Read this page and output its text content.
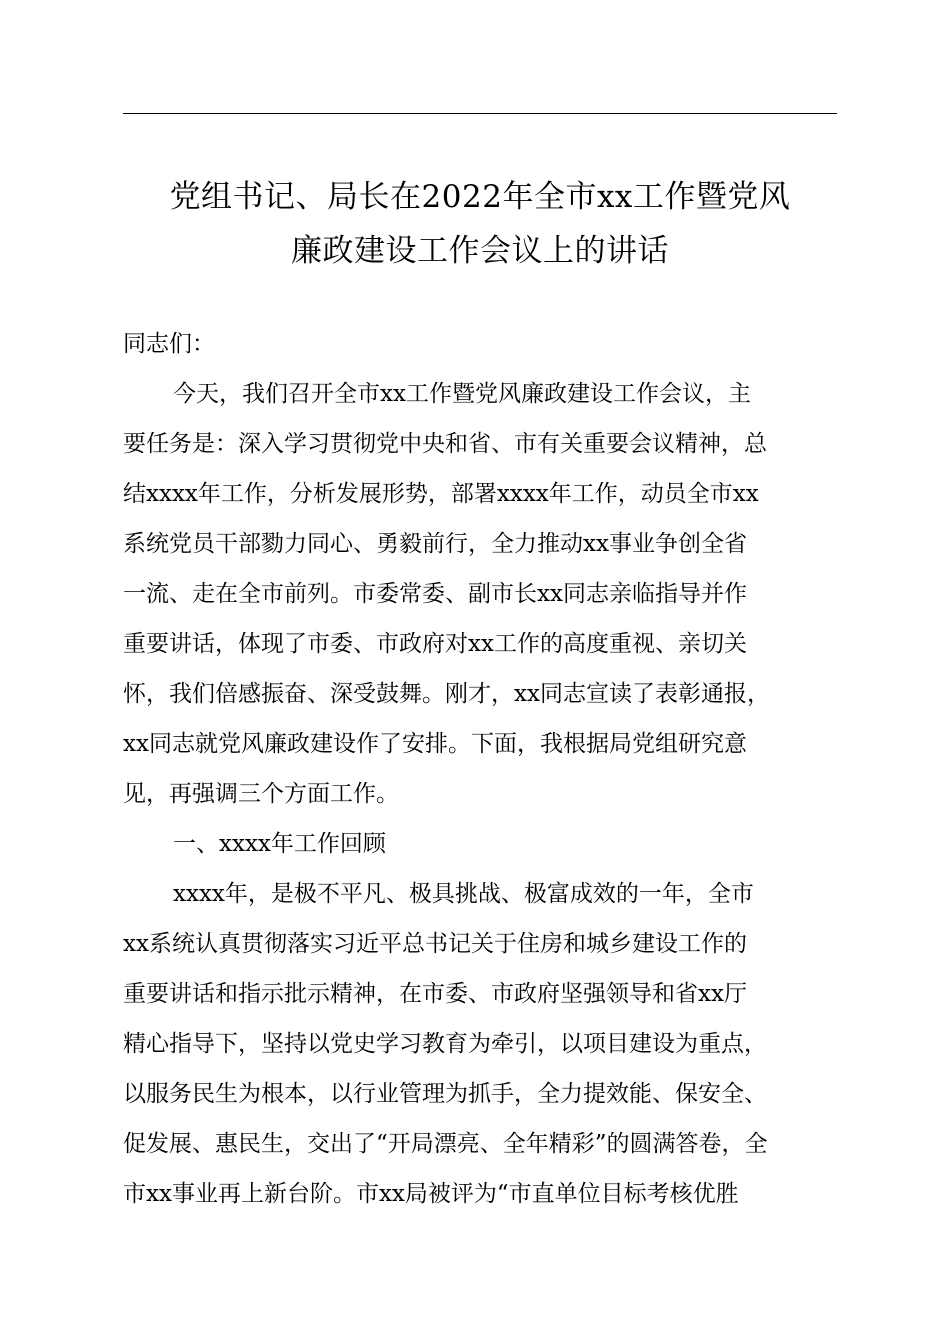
党组书记、局长在2022年全市xx工作暨党风
廉政建设工作会议上的讲话
同志们：
今天，我们召开全市xx工作暨党风廉政建设工作会议，主
要任务是：深入学习贯彻党中央和省、市有关重要会议精神，总
结xxxx年工作，分析发展形势，部署xxxx年工作，动员全市xx
系统党员干部勠力同心、勇毅前行，全力推动xx事业争创全省
一流、走在全市前列。市委常委、副市长xx同志亲临指导并作
重要讲话，体现了市委、市政府对xx工作的高度重视、亲切关
怀，我们倍感振奋、深受鼓舞。刚才，xx同志宣读了表彰通报，
xx同志就党风廉政建设作了安排。下面，我根据局党组研究意
见，再强调三个方面工作。
一、xxxx年工作回顾
xxxx年，是极不平凡、极具挑战、极富成效的一年，全市
xx系统认真贯彻落实习近平总书记关于住房和城乡建设工作的
重要讲话和指示批示精神，在市委、市政府坚强领导和省xx厅
精心指导下，坚持以党史学习教育为牵引，以项目建设为重点，
以服务民生为根本，以行业管理为抓手，全力提效能、保安全、
促发展、惠民生，交出了“开局漂亮、全年精彩”的圆满答卷，全
市xx事业再上新台阶。市xx局被评为“市直单位目标考核优胜
